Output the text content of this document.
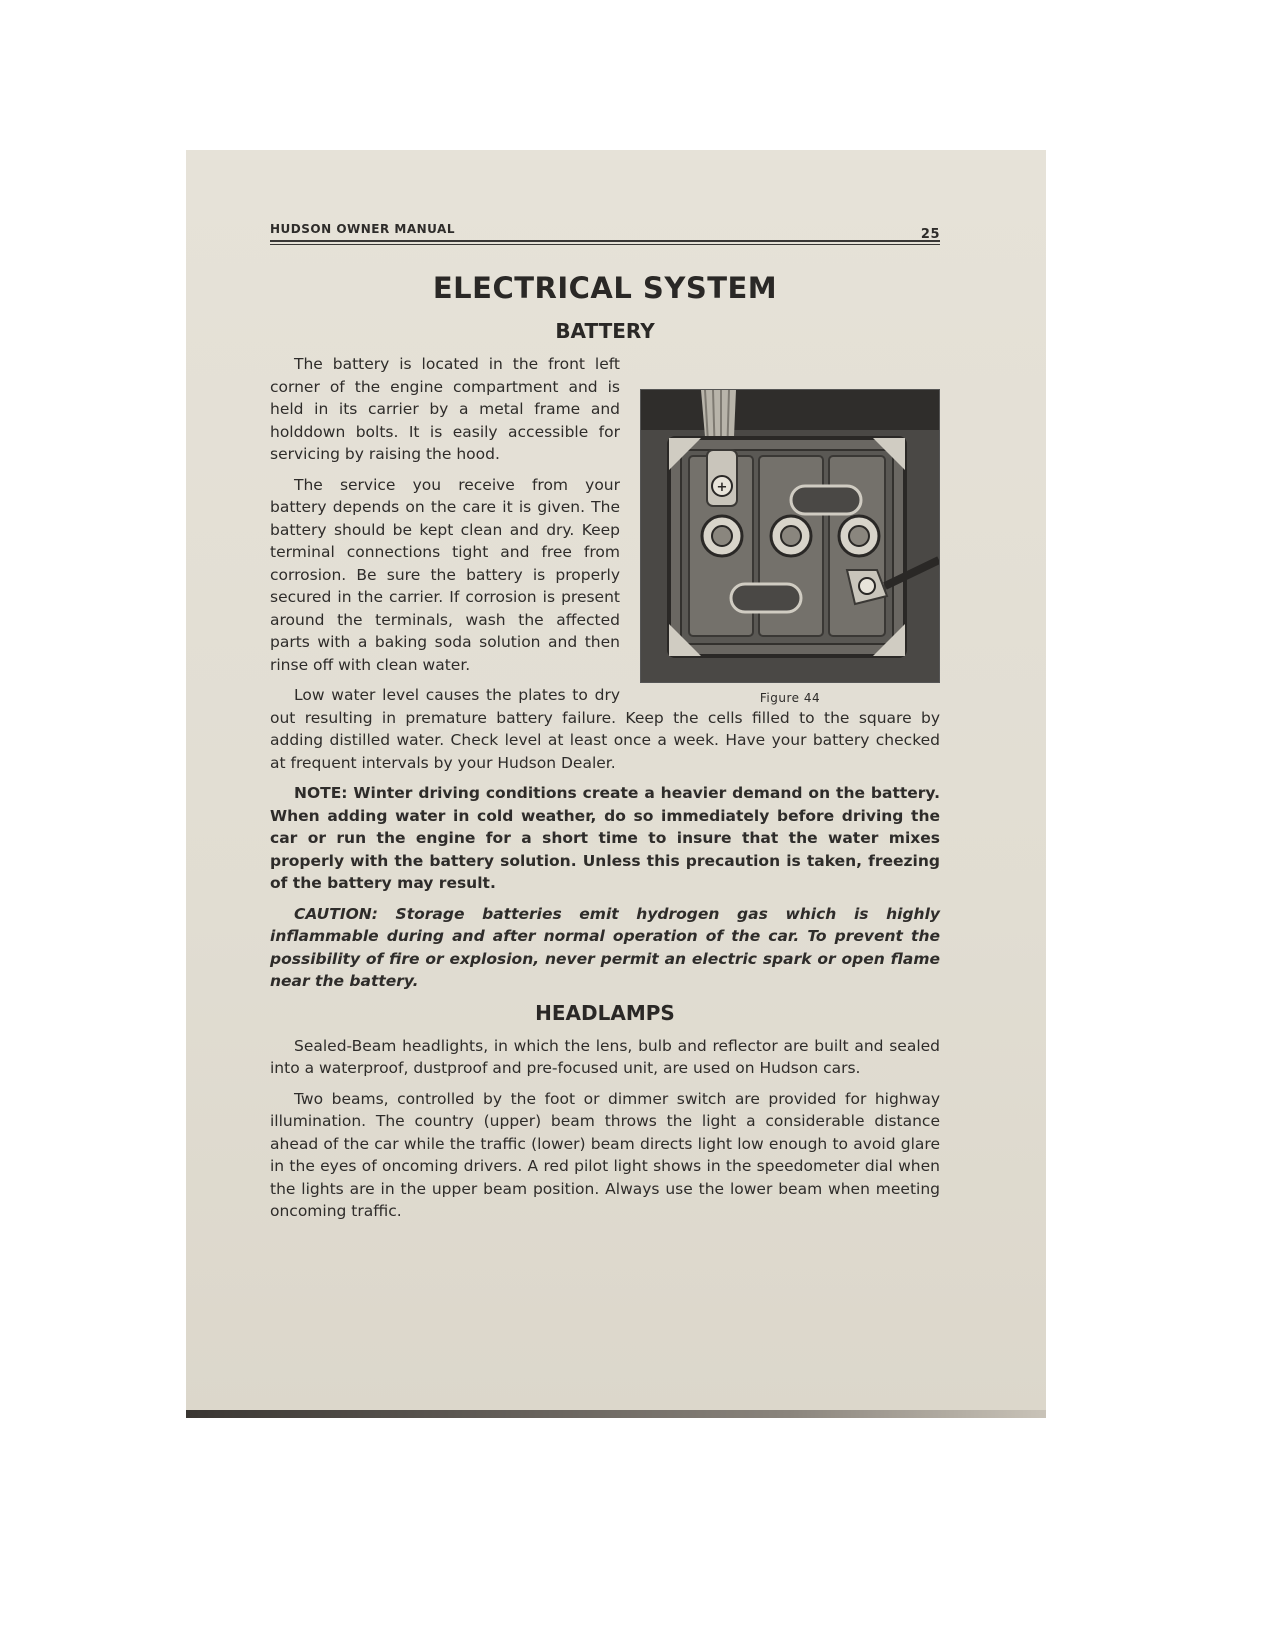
HUDSON OWNER MANUAL	25
ELECTRICAL SYSTEM
BATTERY
+
Figure 44

The battery is located in the front left corner of the engine compartment and is held in its carrier by a metal frame and holddown bolts. It is easily accessible for servicing by raising the hood.

The service you receive from your battery depends on the care it is given. The battery should be kept clean and dry. Keep terminal connections tight and free from corrosion. Be sure the battery is properly secured in the carrier. If corrosion is present around the terminals, wash the affected parts with a baking soda solution and then rinse off with clean water.

Low water level causes the plates to dry out resulting in premature battery failure. Keep the cells filled to the square by adding distilled water. Check level at least once a week. Have your battery checked at frequent intervals by your Hudson Dealer.

NOTE: Winter driving conditions create a heavier demand on the battery. When adding water in cold weather, do so immediately before driving the car or run the engine for a short time to insure that the water mixes properly with the battery solution. Unless this precaution is taken, freezing of the battery may result.

CAUTION: Storage batteries emit hydrogen gas which is highly inflammable during and after normal operation of the car. To prevent the possibility of fire or explosion, never permit an electric spark or open flame near the battery.

HEADLAMPS

Sealed-Beam headlights, in which the lens, bulb and reflector are built and sealed into a waterproof, dustproof and pre-focused unit, are used on Hudson cars.

Two beams, controlled by the foot or dimmer switch are provided for highway illumination. The country (upper) beam throws the light a considerable distance ahead of the car while the traffic (lower) beam directs light low enough to avoid glare in the eyes of oncoming drivers. A red pilot light shows in the speedometer dial when the lights are in the upper beam position. Always use the lower beam when meeting oncoming traffic.
